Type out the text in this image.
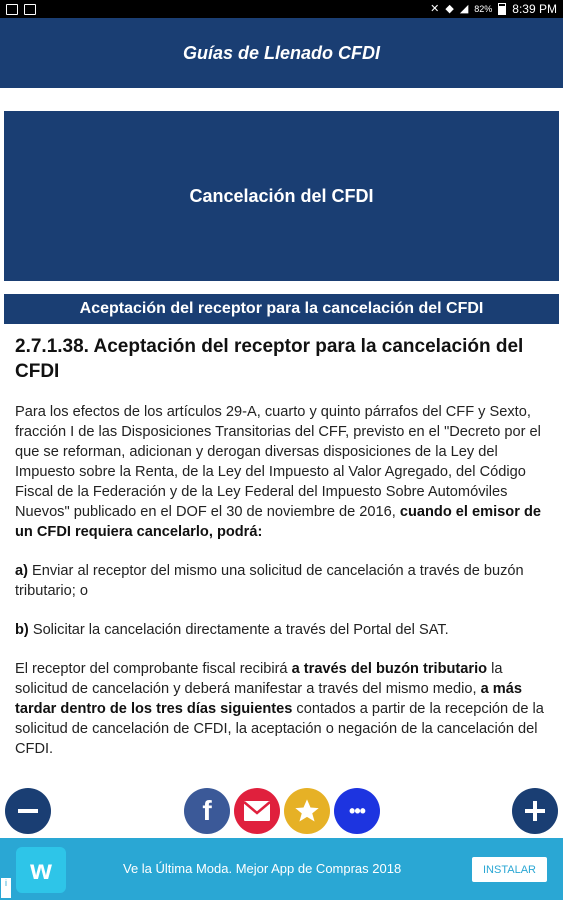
✕ ◆ ◢ 82% 8:39 PM
Guías de Llenado CFDI
Cancelación del CFDI
Aceptación del receptor para la cancelación del CFDI
2.7.1.38. Aceptación del receptor para la cancelación del CFDI

Para los efectos de los artículos 29-A, cuarto y quinto párrafos del CFF y Sexto, fracción I de las Disposiciones Transitorias del CFF, previsto en el "Decreto por el que se reforman, adicionan y derogan diversas disposiciones de la Ley del Impuesto sobre la Renta, de la Ley del Impuesto al Valor Agregado, del Código Fiscal de la Federación y de la Ley Federal del Impuesto Sobre Automóviles Nuevos" publicado en el DOF el 30 de noviembre de 2016, cuando el emisor de un CFDI requiera cancelarlo, podrá:

a) Enviar al receptor del mismo una solicitud de cancelación a través de buzón tributario; o

b) Solicitar la cancelación directamente a través del Portal del SAT.

El receptor del comprobante fiscal recibirá a través del buzón tributario la solicitud de cancelación y deberá manifestar a través del mismo medio, a más tardar dentro de los tres días siguientes contados a partir de la recepción de la solicitud de cancelación de CFDI, la aceptación o negación de la cancelación del CFDI.

f	•••
w	Ve la Última Moda. Mejor App de Compras 2018	INSTALAR
i
